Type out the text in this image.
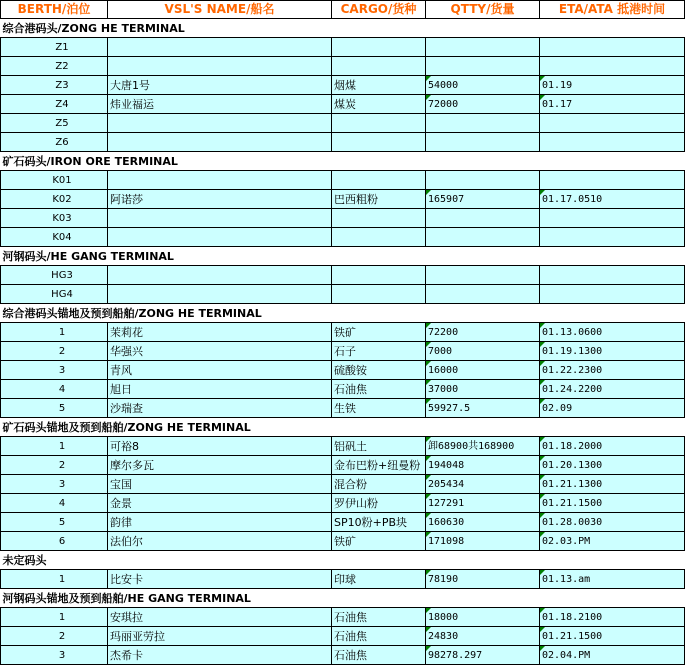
BERTH/泊位	VSL'S NAME/船名	CARGO/货种	QTTY/货量	ETA/ATA 抵港时间
综合港码头/ZONG HE TERMINAL				
Z1				
Z2				
Z3	大唐1号	烟煤	54000	01.19
Z4	炜业福运	煤炭	72000	01.17
Z5				
Z6				
矿石码头/IRON ORE TERMINAL				
K01				
K02	阿诺莎	巴西粗粉	165907	01.17.0510
K03				
K04				
河钢码头/HE GANG TERMINAL				
HG3				
HG4				
综合港码头锚地及预到船舶/ZONG HE TERMINAL				
1	茉莉花	铁矿	72200	01.13.0600
2	华强兴	石子	7000	01.19.1300
3	青风	硫酸铵	16000	01.22.2300
4	旭日	石油焦	37000	01.24.2200
5	沙瑞查	生铁	59927.5	02.09
矿石码头锚地及预到船舶/ZONG HE TERMINAL				
1	可裕8	铝矾土	卸68900共168900	01.18.2000
2	摩尔多瓦	金布巴粉+纽曼粉	194048	01.20.1300
3	宝国	混合粉	205434	01.21.1300
4	金景	罗伊山粉	127291	01.21.1500
5	韵律	SP10粉+PB块	160630	01.28.0030
6	法伯尔	铁矿	171098	02.03.PM
未定码头				
1	比安卡	印球	78190	01.13.am
河钢码头锚地及预到船舶/HE GANG TERMINAL				
1	安琪拉	石油焦	18000	01.18.2100
2	玛丽亚劳拉	石油焦	24830	01.21.1500
3	杰希卡	石油焦	98278.297	02.04.PM
